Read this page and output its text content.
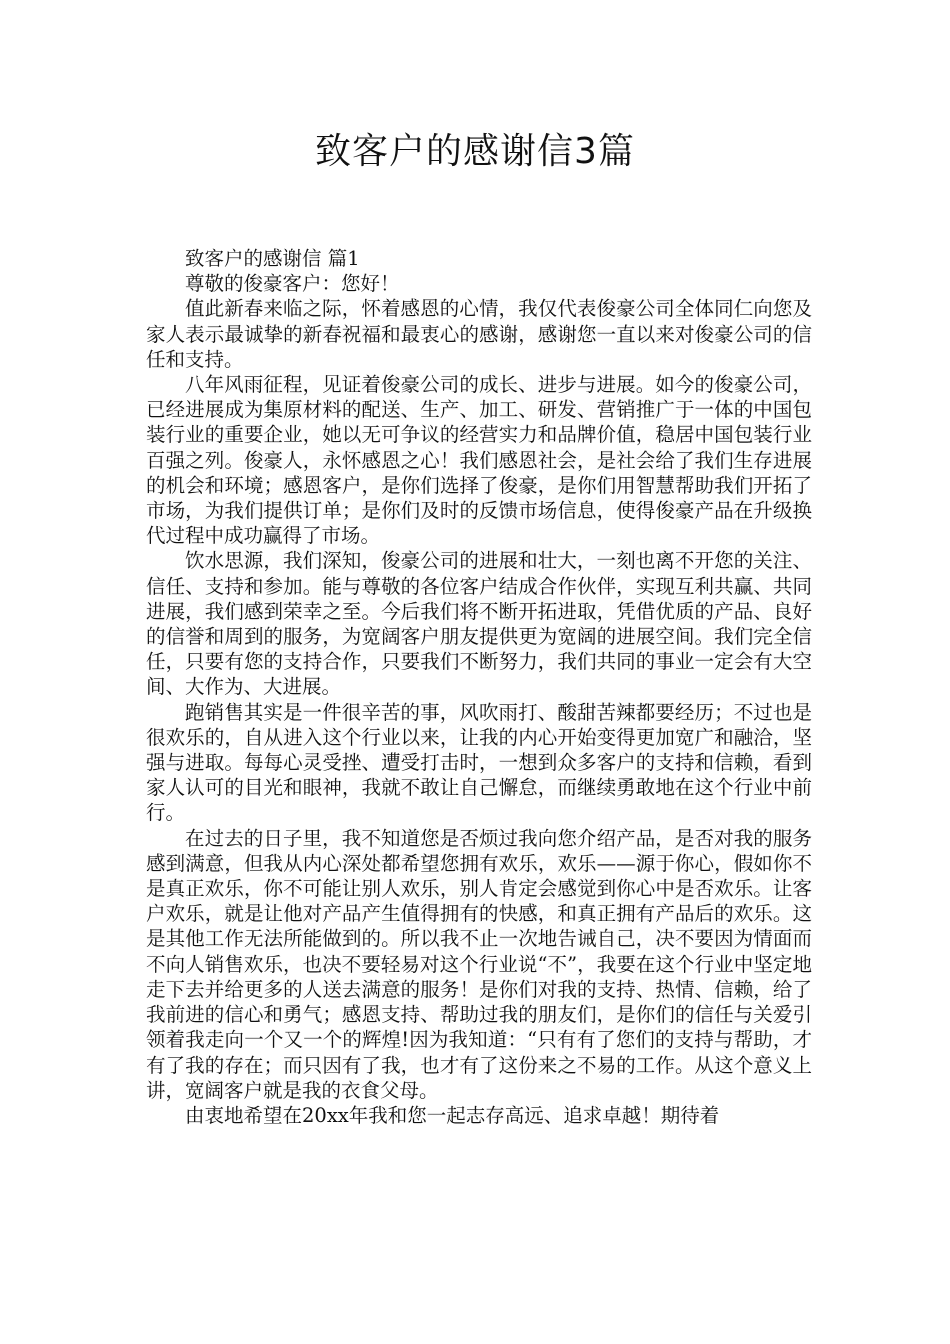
致客户的感谢信3篇

致客户的感谢信 篇1

尊敬的俊豪客户：您好！

值此新春来临之际，怀着感恩的心情，我仅代表俊豪公司全体同仁向您及家人表示最诚挚的新春祝福和最衷心的感谢，感谢您一直以来对俊豪公司的信任和支持。

八年风雨征程，见证着俊豪公司的成长、进步与进展。如今的俊豪公司，已经进展成为集原材料的配送、生产、加工、研发、营销推广于一体的中国包装行业的重要企业，她以无可争议的经营实力和品牌价值，稳居中国包装行业百强之列。俊豪人，永怀感恩之心！我们感恩社会，是社会给了我们生存进展的机会和环境；感恩客户，是你们选择了俊豪，是你们用智慧帮助我们开拓了市场，为我们提供订单；是你们及时的反馈市场信息，使得俊豪产品在升级换代过程中成功赢得了市场。

饮水思源，我们深知，俊豪公司的进展和壮大，一刻也离不开您的关注、信任、支持和参加。能与尊敬的各位客户结成合作伙伴，实现互利共赢、共同进展，我们感到荣幸之至。今后我们将不断开拓进取，凭借优质的产品、良好的信誉和周到的服务，为宽阔客户朋友提供更为宽阔的进展空间。我们完全信任，只要有您的支持合作，只要我们不断努力，我们共同的事业一定会有大空间、大作为、大进展。

跑销售其实是一件很辛苦的事，风吹雨打、酸甜苦辣都要经历；不过也是很欢乐的，自从进入这个行业以来，让我的内心开始变得更加宽广和融洽，坚强与进取。每每心灵受挫、遭受打击时，一想到众多客户的支持和信赖，看到家人认可的目光和眼神，我就不敢让自己懈怠，而继续勇敢地在这个行业中前行。

在过去的日子里，我不知道您是否烦过我向您介绍产品，是否对我的服务感到满意，但我从内心深处都希望您拥有欢乐，欢乐——源于你心，假如你不是真正欢乐，你不可能让别人欢乐，别人肯定会感觉到你心中是否欢乐。让客户欢乐，就是让他对产品产生值得拥有的快感，和真正拥有产品后的欢乐。这是其他工作无法所能做到的。所以我不止一次地告诫自己，决不要因为情面而不向人销售欢乐，也决不要轻易对这个行业说“不”，我要在这个行业中坚定地走下去并给更多的人送去满意的服务！是你们对我的支持、热情、信赖，给了我前进的信心和勇气；感恩支持、帮助过我的朋友们，是你们的信任与关爱引领着我走向一个又一个的辉煌!因为我知道：“只有有了您们的支持与帮助，才有了我的存在；而只因有了我，也才有了这份来之不易的工作。从这个意义上讲，宽阔客户就是我的衣食父母。

由衷地希望在20xx年我和您一起志存高远、追求卓越！期待着
